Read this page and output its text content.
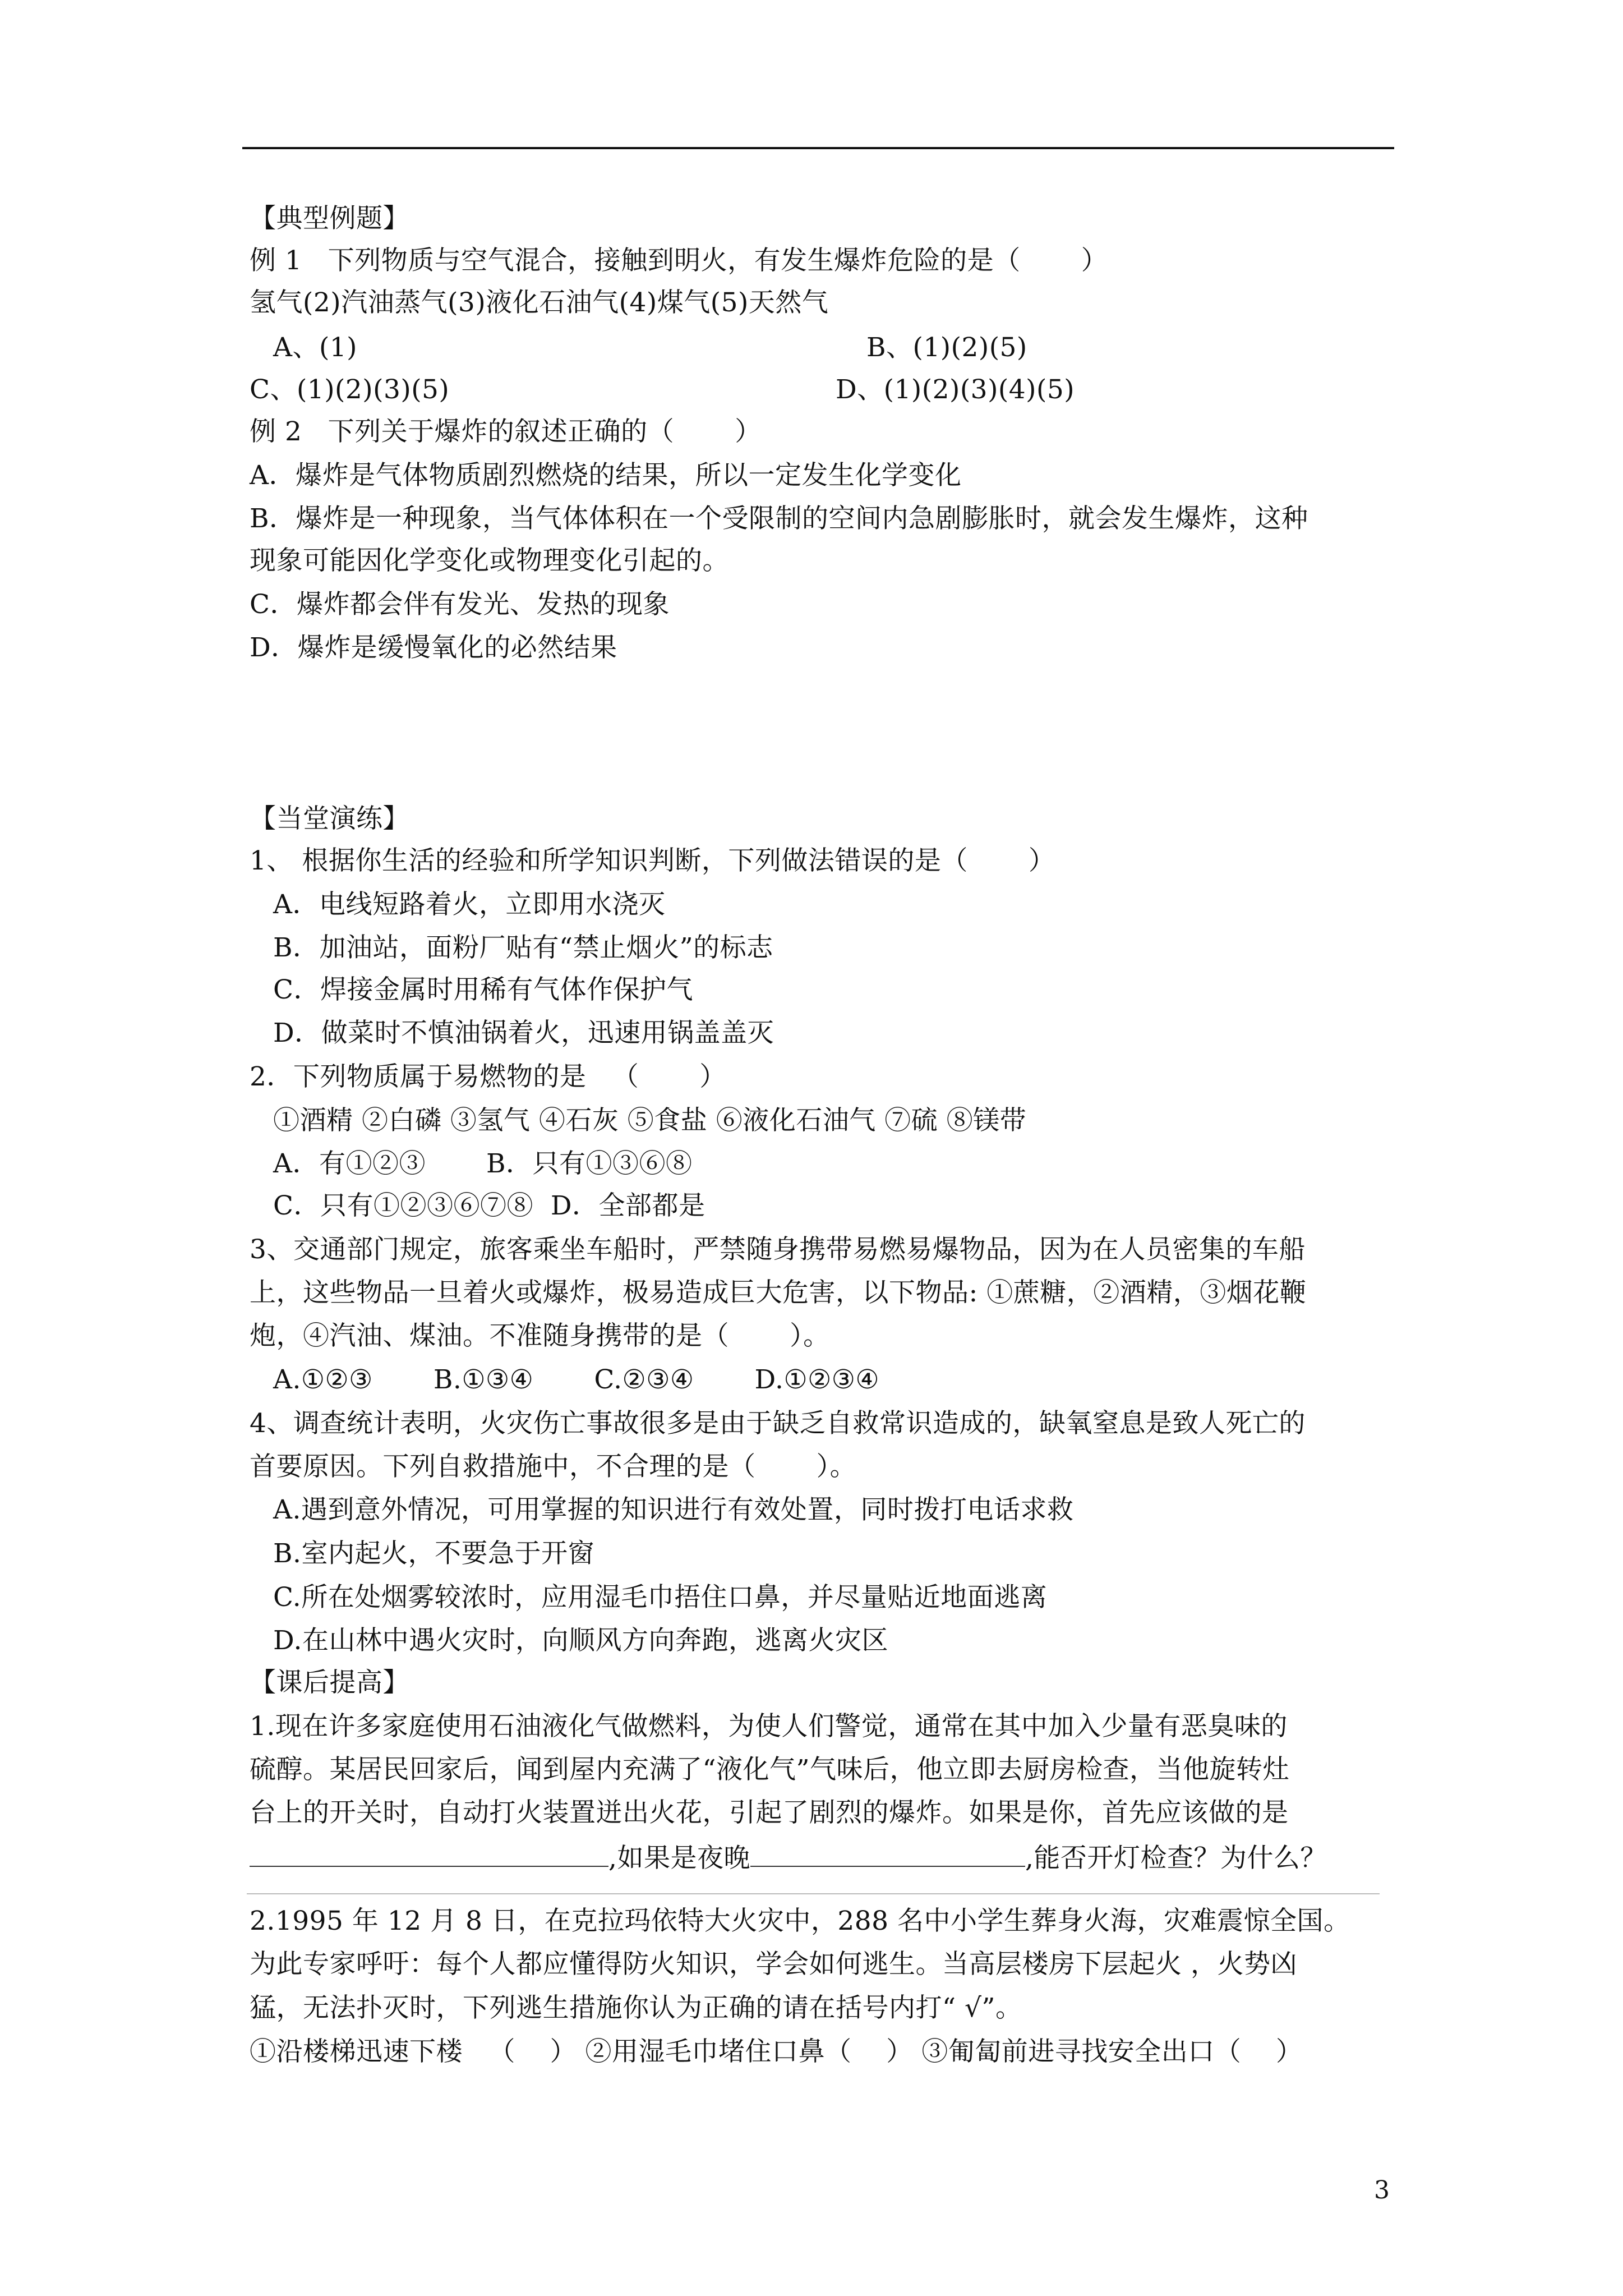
【典型例题】
例 1   下列物质与空气混合，接触到明火，有发生爆炸危险的是（       ）
氢气(2)汽油蒸气(3)液化石油气(4)煤气(5)天然气
A、(1)	B、(1)(2)(5)
C、(1)(2)(3)(5)	D、(1)(2)(3)(4)(5)
例 2   下列关于爆炸的叙述正确的（       ）
A．爆炸是气体物质剧烈燃烧的结果，所以一定发生化学变化
B．爆炸是一种现象，当气体体积在一个受限制的空间内急剧膨胀时，就会发生爆炸，这种
现象可能因化学变化或物理变化引起的。
C．爆炸都会伴有发光、发热的现象
D．爆炸是缓慢氧化的必然结果
【当堂演练】
1、 根据你生活的经验和所学知识判断，下列做法错误的是（       ）
A．电线短路着火，立即用水浇灭
B．加油站，面粉厂贴有“禁止烟火”的标志
C．焊接金属时用稀有气体作保护气
D．做菜时不慎油锅着火，迅速用锅盖盖灭
2．下列物质属于易燃物的是   （       ）
①酒精 ②白磷 ③氢气 ④石灰 ⑤食盐 ⑥液化石油气 ⑦硫 ⑧镁带
A．有①②③       B．只有①③⑥⑧
C．只有①②③⑥⑦⑧  D．全部都是
3、交通部门规定，旅客乘坐车船时，严禁随身携带易燃易爆物品，因为在人员密集的车船
上，这些物品一旦着火或爆炸，极易造成巨大危害，以下物品: ①蔗糖，②酒精，③烟花鞭
炮，④汽油、煤油。不准随身携带的是（       ）。
A.①②③       B.①③④       C.②③④       D.①②③④
4、调查统计表明，火灾伤亡事故很多是由于缺乏自救常识造成的，缺氧窒息是致人死亡的
首要原因。下列自救措施中，不合理的是（       ）。
A.遇到意外情况，可用掌握的知识进行有效处置，同时拨打电话求救
B.室内起火，不要急于开窗
C.所在处烟雾较浓时，应用湿毛巾捂住口鼻，并尽量贴近地面逃离
D.在山林中遇火灾时，向顺风方向奔跑，逃离火灾区
【课后提高】
1.现在许多家庭使用石油液化气做燃料，为使人们警觉，通常在其中加入少量有恶臭味的
硫醇。某居民回家后，闻到屋内充满了“液化气”气味后，他立即去厨房检查，当他旋转灶
台上的开关时，自动打火装置迸出火花，引起了剧烈的爆炸。如果是你，首先应该做的是
,如果是夜晚	,能否开灯检查？为什么？
2.1995 年 12 月 8 日，在克拉玛依特大火灾中，288 名中小学生葬身火海，灾难震惊全国。
为此专家呼吁：每个人都应懂得防火知识，学会如何逃生。当高层楼房下层起火 ，火势凶
猛，无法扑灭时，下列逃生措施你认为正确的请在括号内打“ √”。
①沿楼梯迅速下楼   （    ） ②用湿毛巾堵住口鼻（    ） ③匍匐前进寻找安全出口（    ）
3
